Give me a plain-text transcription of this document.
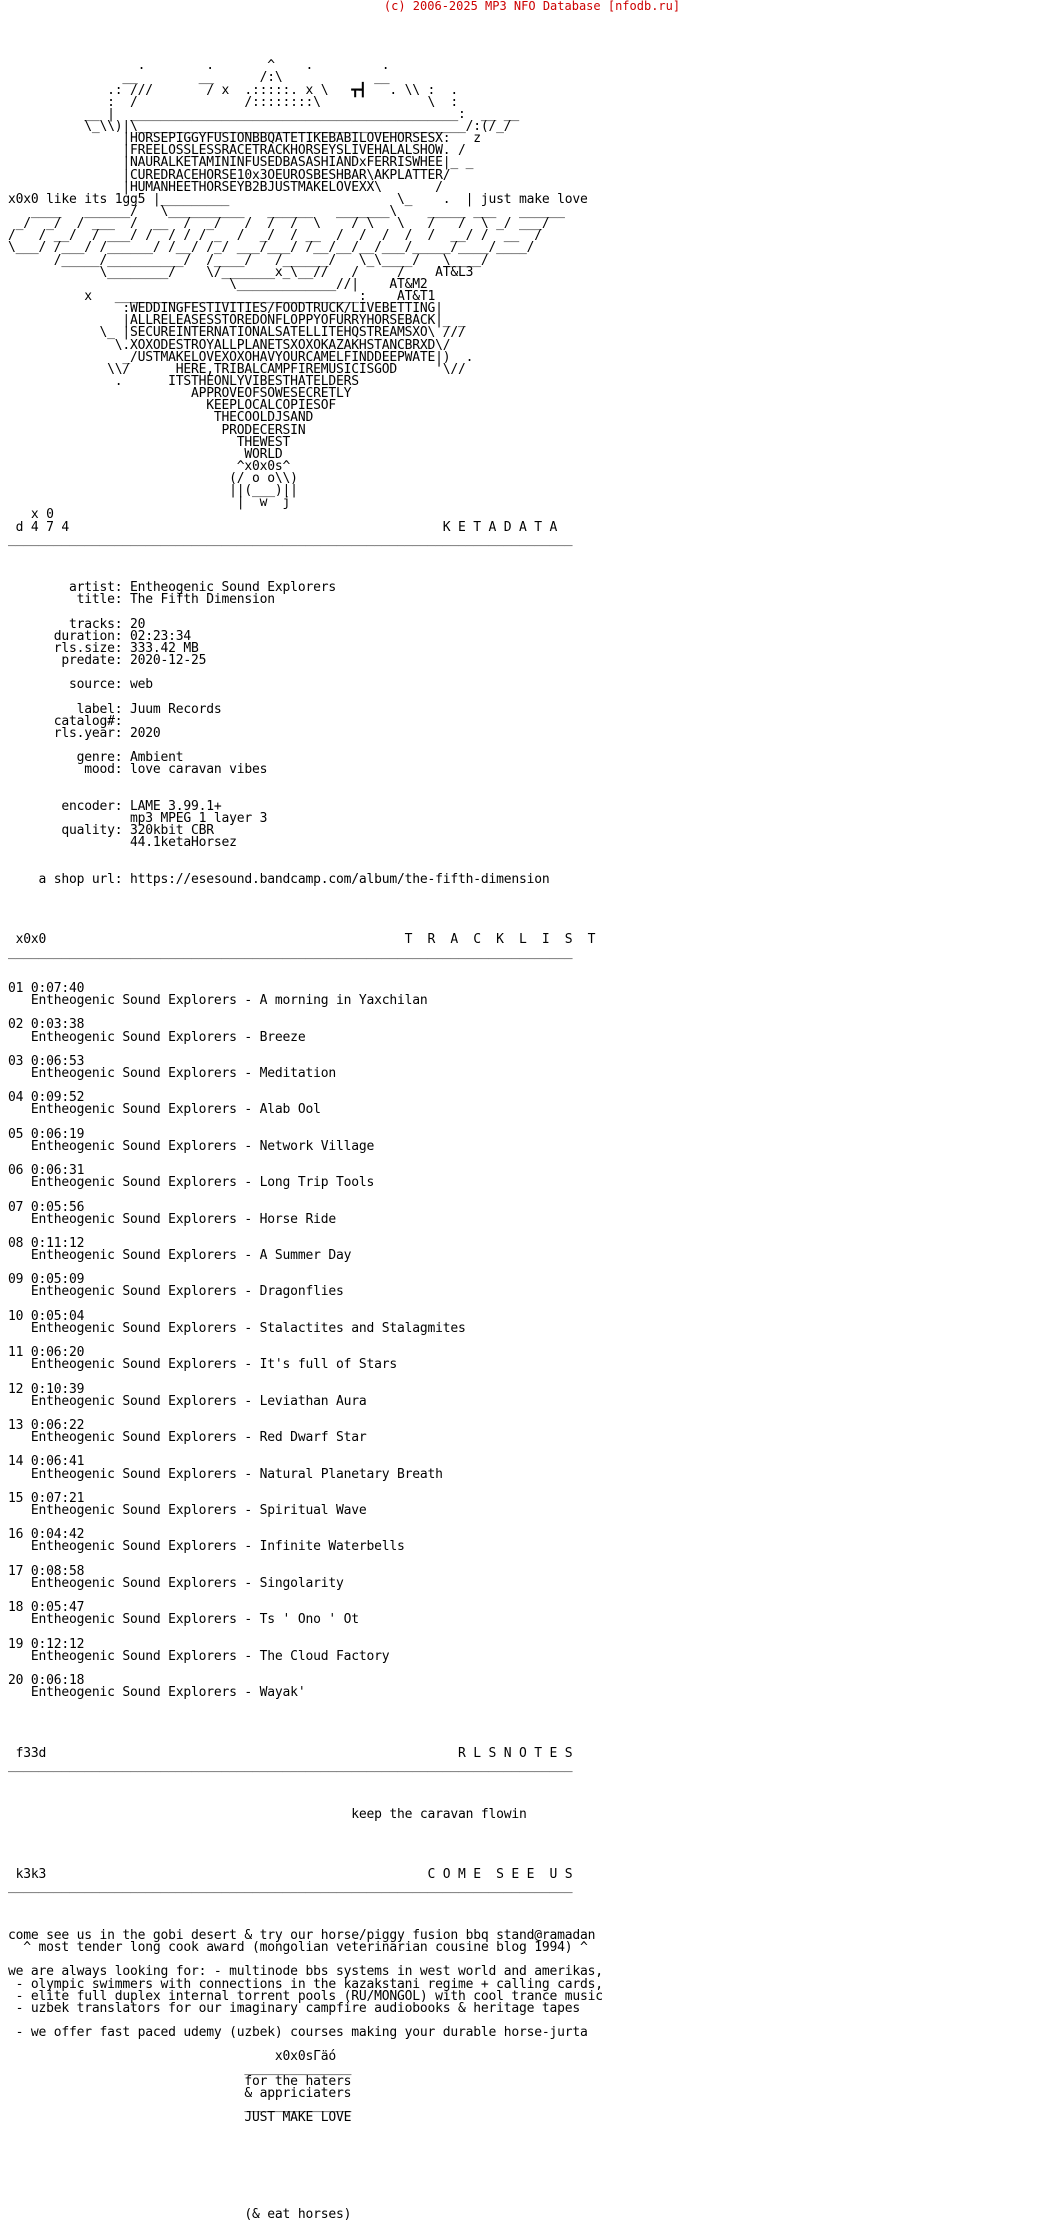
(c) 2006-2025 MP3 NFO Database [nfodb.ru]

.        .       ^    .         .
__        __      /:\            __
.: ///       / x  .:::::. x \   ┳┫   . \\ :  .
:  /              /::::::::\              \  :
__ |  ___________________________________________:  __ __
\_\\)|\___________________________________________/:(/_/
|HORSEPIGGYFUSIONBBQATETIKEBABILOVEHORSESX:   z
|FREELOSSLESSRACETRACKHORSEYSLIVEHALALSHOW. /
|NAURALKETAMININFUSEDBASASHIANDxFERRISWHEE|_ _
|CUREDRACEHORSE10x3OEUROSBESHBAR\AKPLATTER/
|HUMANHEETHORSEYB2BJUSTMAKELOVEXX\       /
x0x0 like its 1gg5 |_________                      \_    .  | just make love
____   ______/   \__________   ______   _______\    _____ ___   ______
_/  _/  / ___  /  __  /  _/   /  /  /  \    / \   \   /   /  \ _/ ___/
/   / __/  / ___/ /  / / / _  /  _/  / __  /  /  /  /  /  __/ /  __  /
\___/ /___/ /______/ /__/ /_/ ___/___/ /__/__/__/___/_____/____/____/
/_____/__________/  /____/   /______/   \_\____/   \____/
\________/    \/_______x_\__//   /     /    AT&L3
\_____________//|    AT&M2
x   ________________________________:    AT&T1
:WEDDINGFESTIVITIES/FOODTRUCK/LIVEBETTING|
|ALLRELEASESSTOREDONFLOPPYOFURRYHORSEBACK|_ _
\_ |SECUREINTERNATIONALSATELLITEHQSTREAMSXO\ ///
\.XOXODESTROYALLPLANETSXOXOKAZAKHSTANCBRXD\/
_/USTMAKELOVEXOXOHAVYOURCAMELFINDDEEPWATE|)  .
\\/      HERE,TRIBALCAMPFIREMUSICISGOD     '\//
.      ITSTHEONLYVIBESTHATELDERS
APPROVEOFSOWESECRETLY
KEEPLOCALCOPIESOF
THECOOLDJSAND
PRODECERSIN
THEWEST
WORLD
^x0x0s^
(/ o o\\)
||(___)||
|  w  j
x 0
d 4 7 4                                                 K E T A D A T A
__________________________________________________________________________

artist: Entheogenic Sound Explorers
title: The Fifth Dimension

tracks: 20
duration: 02:23:34
rls.size: 333.42 MB
predate: 2020-12-25

source: web

label: Juum Records
catalog#:
rls.year: 2020

genre: Ambient
mood: love caravan vibes

encoder: LAME 3.99.1+
mp3 MPEG 1 layer 3
quality: 320kbit CBR
44.1ketaHorsez

a shop url: https://esesound.bandcamp.com/album/the-fifth-dimension

x0x0                                               T  R  A  C  K  L  I  S  T
__________________________________________________________________________

01 0:07:40
Entheogenic Sound Explorers - A morning in Yaxchilan

02 0:03:38
Entheogenic Sound Explorers - Breeze

03 0:06:53
Entheogenic Sound Explorers - Meditation

04 0:09:52
Entheogenic Sound Explorers - Alab Ool

05 0:06:19
Entheogenic Sound Explorers - Network Village

06 0:06:31
Entheogenic Sound Explorers - Long Trip Tools

07 0:05:56
Entheogenic Sound Explorers - Horse Ride

08 0:11:12
Entheogenic Sound Explorers - A Summer Day

09 0:05:09
Entheogenic Sound Explorers - Dragonflies

10 0:05:04
Entheogenic Sound Explorers - Stalactites and Stalagmites

11 0:06:20
Entheogenic Sound Explorers - It's full of Stars

12 0:10:39
Entheogenic Sound Explorers - Leviathan Aura

13 0:06:22
Entheogenic Sound Explorers - Red Dwarf Star

14 0:06:41
Entheogenic Sound Explorers - Natural Planetary Breath

15 0:07:21
Entheogenic Sound Explorers - Spiritual Wave

16 0:04:42
Entheogenic Sound Explorers - Infinite Waterbells

17 0:08:58
Entheogenic Sound Explorers - Singolarity

18 0:05:47
Entheogenic Sound Explorers - Ts ' Ono ' Ot

19 0:12:12
Entheogenic Sound Explorers - The Cloud Factory

20 0:06:18
Entheogenic Sound Explorers - Wayak'

f33d                                                      R L S N O T E S
__________________________________________________________________________

keep the caravan flowin

k3k3                                                  C O M E  S E E  U S
__________________________________________________________________________

come see us in the gobi desert & try our horse/piggy fusion bbq stand@ramadan
^ most tender long cook award (mongolian veterinarian cousine blog 1994) ^

we are always looking for: - multinode bbs systems in west world and amerikas,
- olympic swimmers with connections in the kazakstani regime + calling cards,
- elite full duplex internal torrent pools (RU/MONGOL) with cool trance music
- uzbek translators for our imaginary campfire audiobooks & heritage tapes

- we offer fast paced udemy (uzbek) courses making your durable horse-jurta

x0x0sГäó
______________
for the haters
& appriciaters
______________
JUST MAKE LOVE

(& eat horses)
